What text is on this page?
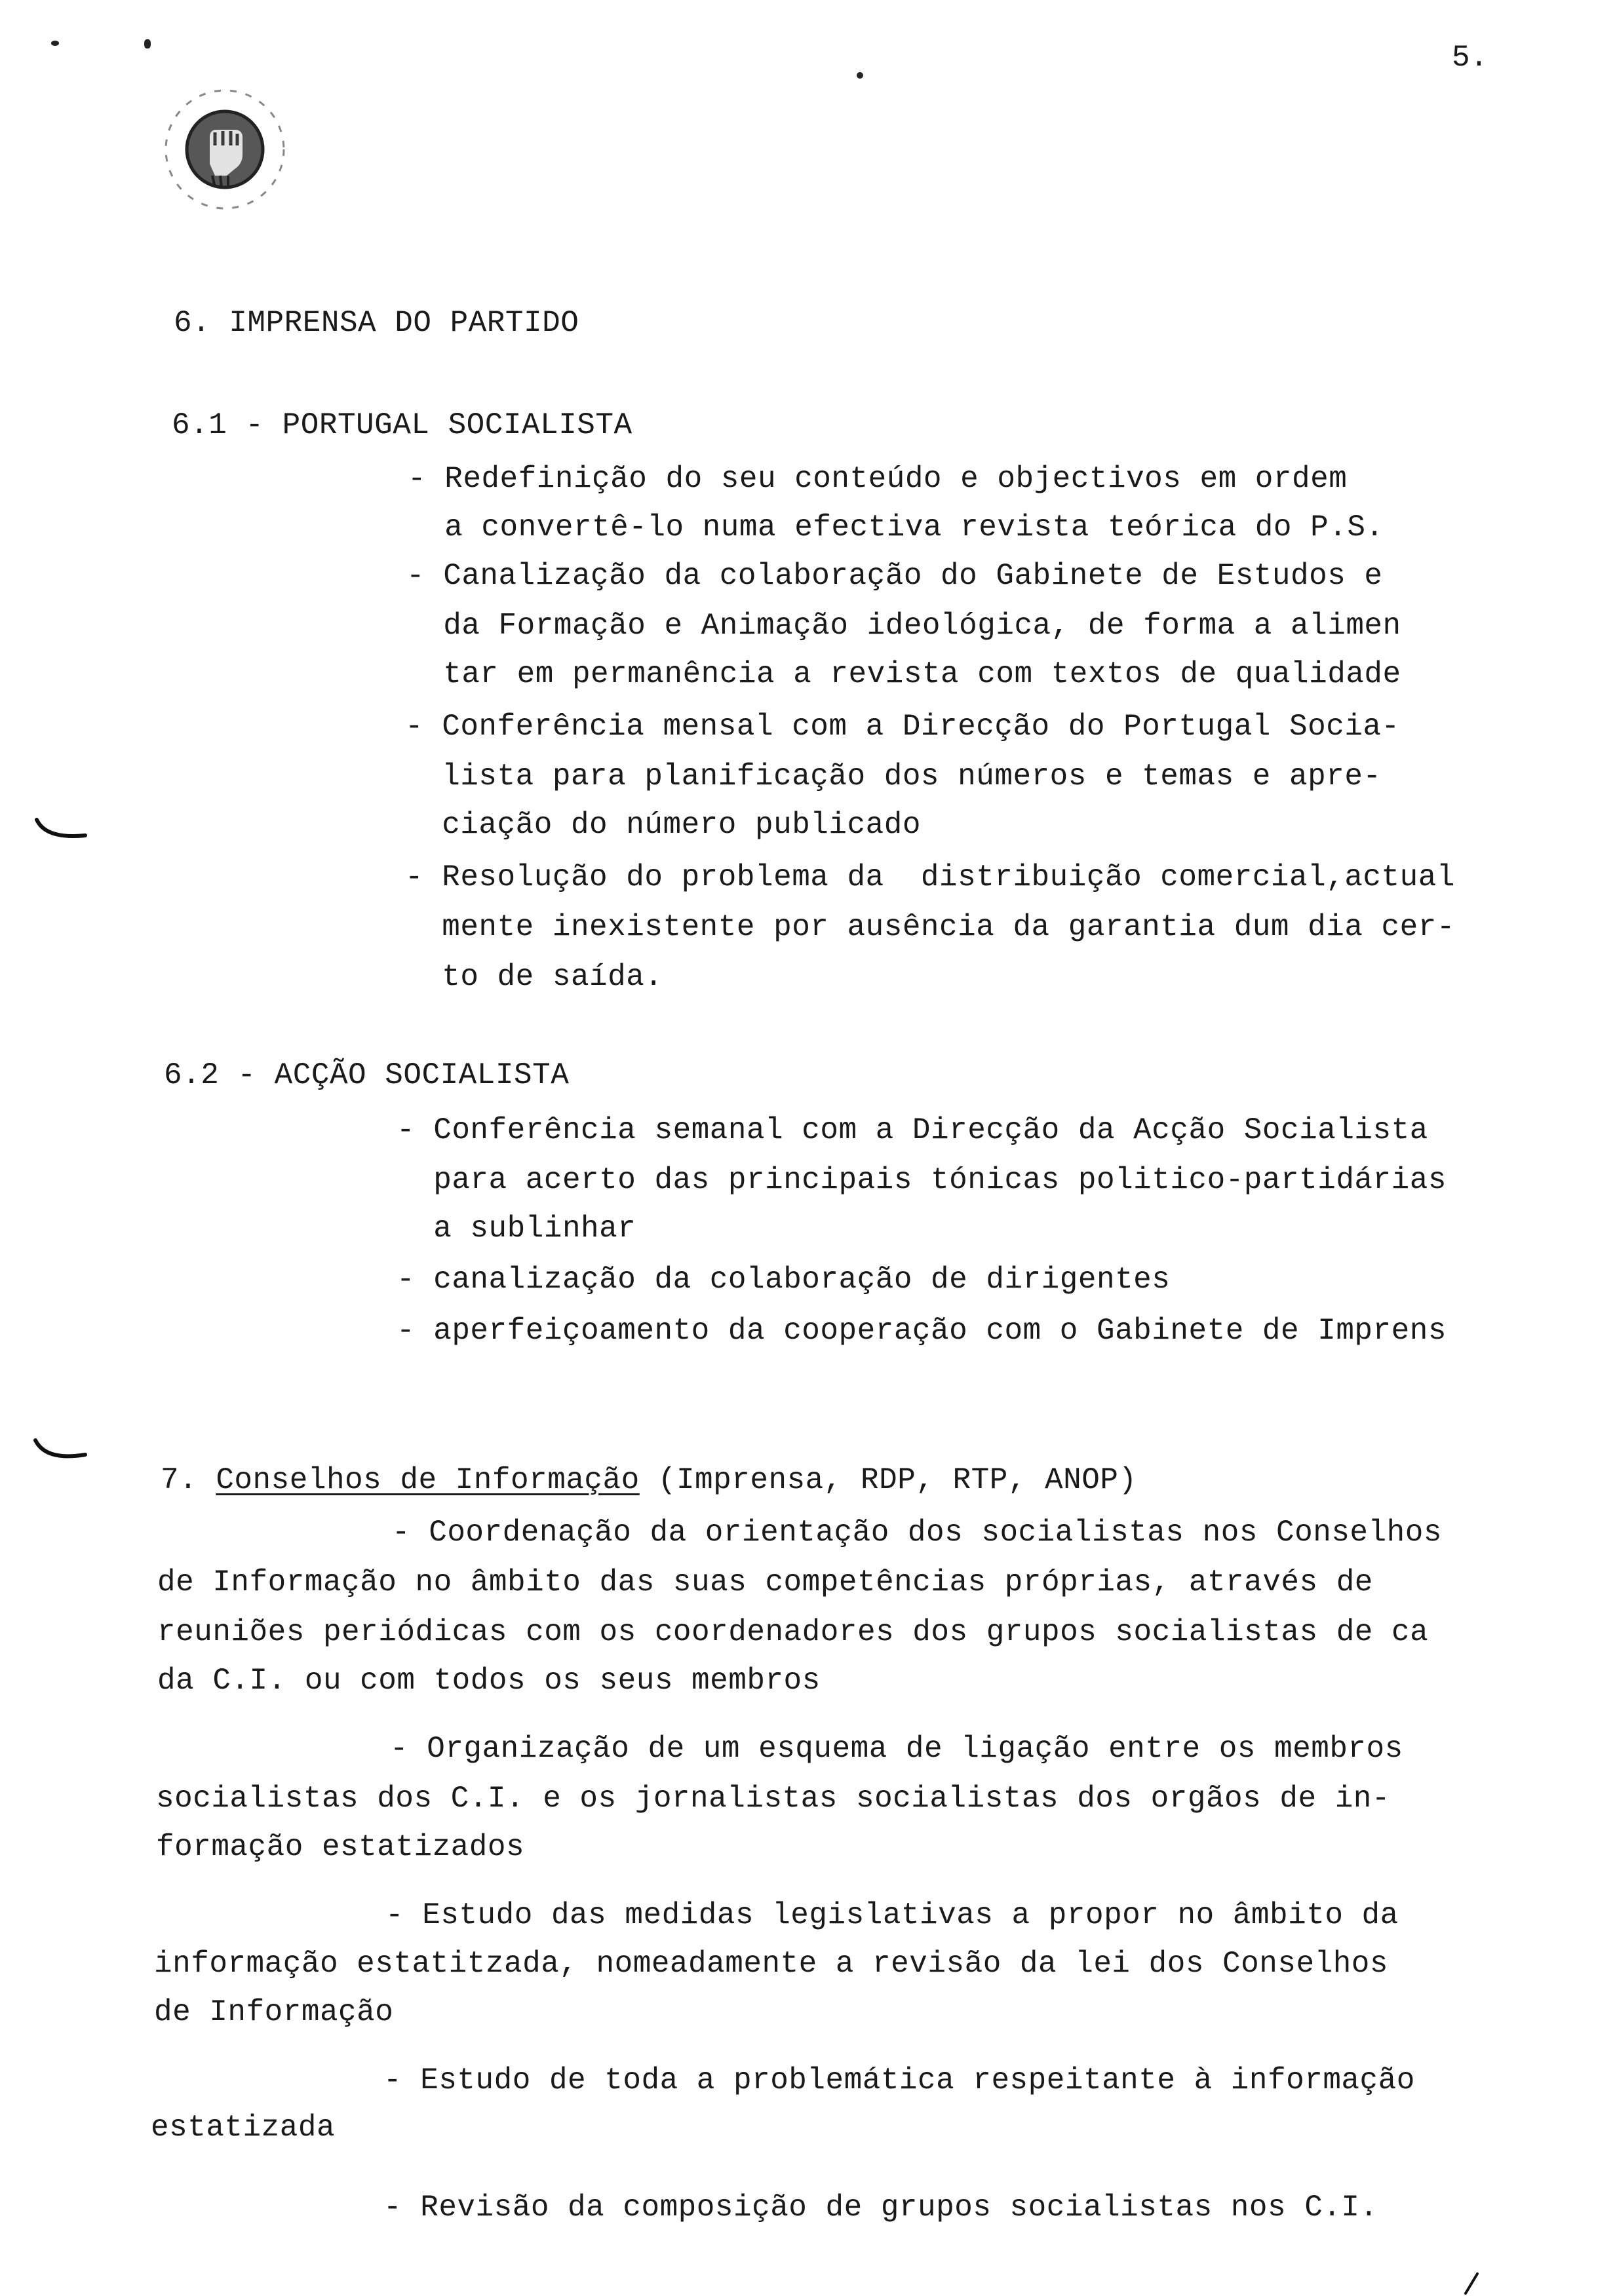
5.
6. IMPRENSA DO PARTIDO
6.1 - PORTUGAL SOCIALISTA
- Redefinição do seu conteúdo e objectivos em ordem
a convertê-lo numa efectiva revista teórica do P.S.
- Canalização da colaboração do Gabinete de Estudos e
da Formação e Animação ideológica, de forma a alimen
tar em permanência a revista com textos de qualidade
- Conferência mensal com a Direcção do Portugal Socia-
lista para planificação dos números e temas e apre-
ciação do número publicado
- Resolução do problema da  distribuição comercial,actual
mente inexistente por ausência da garantia dum dia cer-
to de saída.
6.2 - ACÇÃO SOCIALISTA
- Conferência semanal com a Direcção da Acção Socialista
para acerto das principais tónicas politico-partidárias
a sublinhar
- canalização da colaboração de dirigentes
- aperfeiçoamento da cooperação com o Gabinete de Imprens
7. Conselhos de Informação (Imprensa, RDP, RTP, ANOP)
- Coordenação da orientação dos socialistas nos Conselhos
de Informação no âmbito das suas competências próprias, através de
reuniões periódicas com os coordenadores dos grupos socialistas de ca
da C.I. ou com todos os seus membros
- Organização de um esquema de ligação entre os membros
socialistas dos C.I. e os jornalistas socialistas dos orgãos de in-
formação estatizados
- Estudo das medidas legislativas a propor no âmbito da
informação estatitzada, nomeadamente a revisão da lei dos Conselhos
de Informação
- Estudo de toda a problemática respeitante à informação
estatizada
- Revisão da composição de grupos socialistas nos C.I.
